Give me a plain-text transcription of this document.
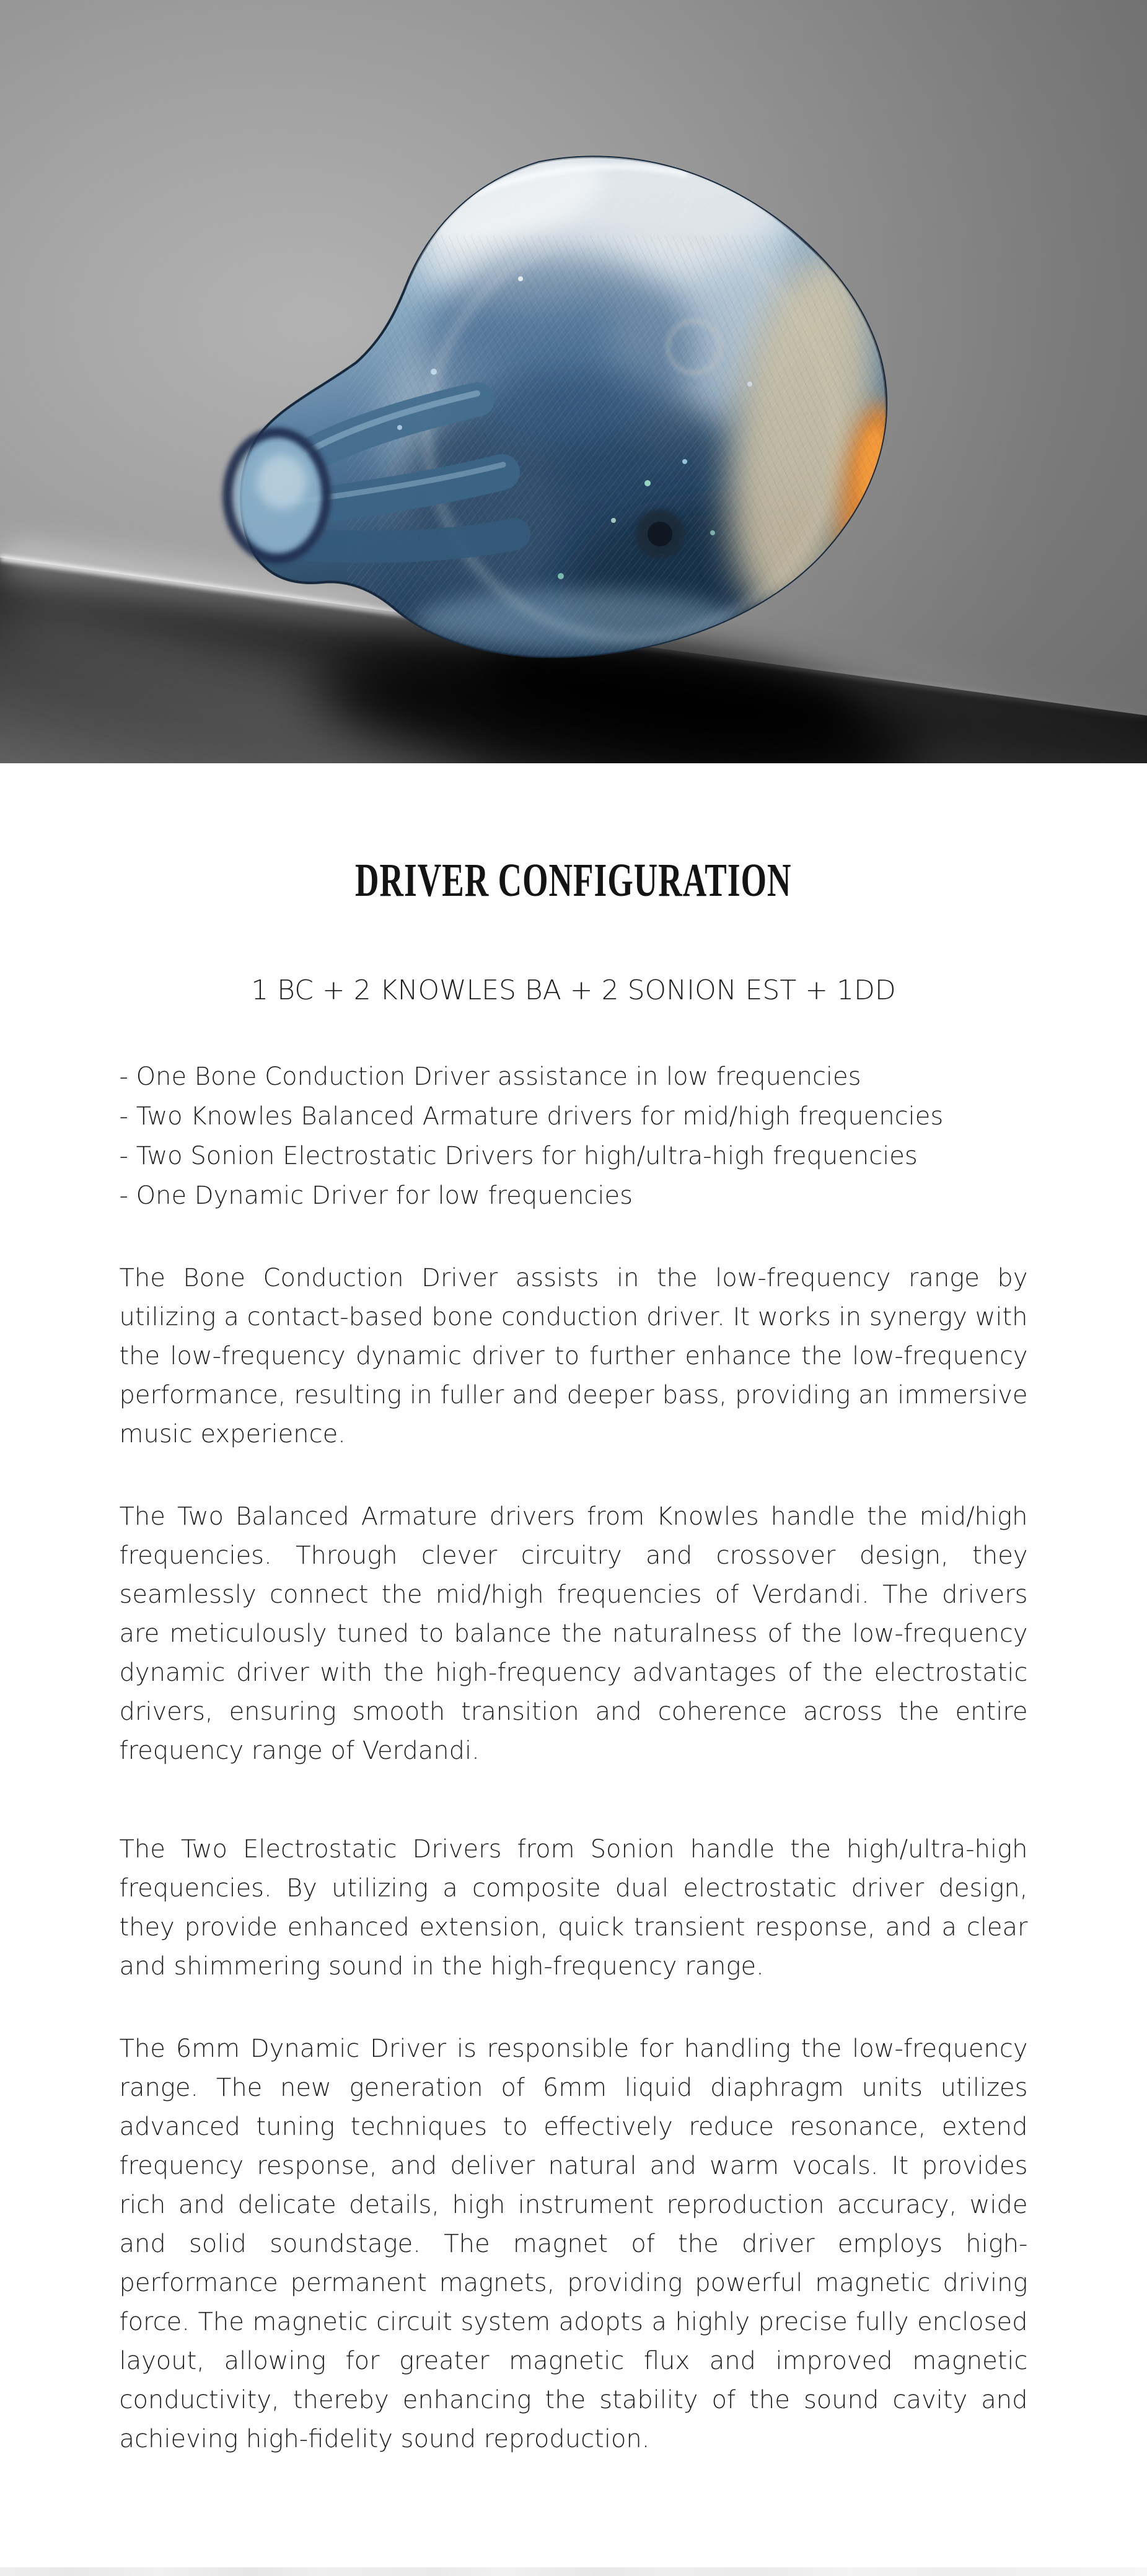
DRIVER CONFIGURATION
1 BC + 2 KNOWLES BA + 2 SONION EST + 1DD
- One Bone Conduction Driver assistance in low frequencies
- Two Knowles Balanced Armature drivers for mid/high frequencies
- Two Sonion Electrostatic Drivers for high/ultra-high frequencies
- One Dynamic Driver for low frequencies

The Bone Conduction Driver assists in the low-frequency range by utilizing a contact-based bone conduction driver. It works in synergy with the low-frequency dynamic driver to further enhance the low-frequency performance, resulting in fuller and deeper bass, providing an immersive music experience.

The Two Balanced Armature drivers from Knowles handle the mid/high frequencies. Through clever circuitry and crossover design, they seamlessly connect the mid/high frequencies of Verdandi. The drivers are meticulously tuned to balance the naturalness of the low-frequency dynamic driver with the high-frequency advantages of the electrostatic drivers, ensuring smooth transition and coherence across the entire frequency range of Verdandi.

The Two Electrostatic Drivers from Sonion handle the high/ultra-high frequencies. By utilizing a composite dual electrostatic driver design, they provide enhanced extension, quick transient response, and a clear and shimmering sound in the high-frequency range.

The 6mm Dynamic Driver is responsible for handling the low-frequency range. The new generation of 6mm liquid diaphragm units utilizes advanced tuning techniques to effectively reduce resonance, extend frequency response, and deliver natural and warm vocals. It provides rich and delicate details, high instrument reproduction accuracy, wide and solid soundstage. The magnet of the driver employs high-performance permanent magnets, providing powerful magnetic driving force. The magnetic circuit system adopts a highly precise fully enclosed layout, allowing for greater magnetic flux and improved magnetic conductivity, thereby enhancing the stability of the sound cavity and achieving high-fidelity sound reproduction.
